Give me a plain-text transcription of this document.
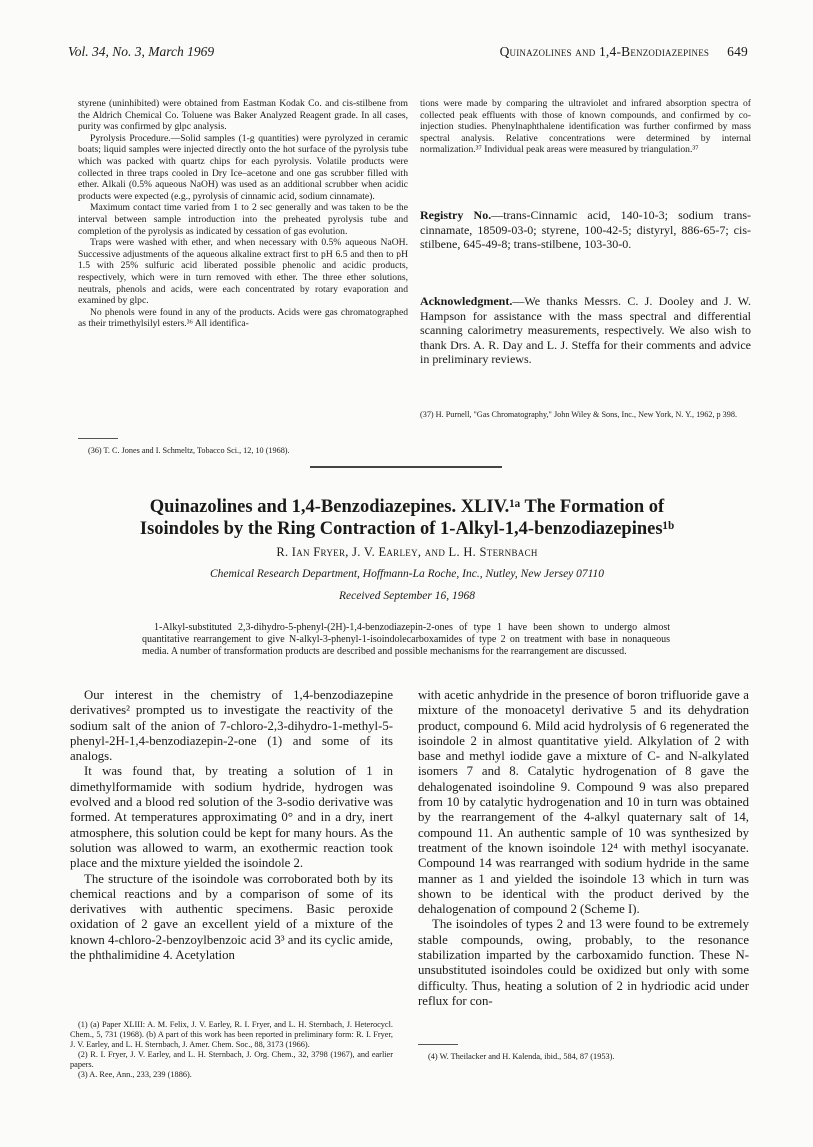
Vol. 34, No. 3, March 1969	Quinazolines and 1,4-Benzodiazepines 649

styrene (uninhibited) were obtained from Eastman Kodak Co. and cis-stilbene from the Aldrich Chemical Co. Toluene was Baker Analyzed Reagent grade. In all cases, purity was confirmed by glpc analysis.

Pyrolysis Procedure.—Solid samples (1-g quantities) were pyrolyzed in ceramic boats; liquid samples were injected directly onto the hot surface of the pyrolysis tube which was packed with quartz chips for each pyrolysis. Volatile products were collected in three traps cooled in Dry Ice–acetone and one gas scrubber filled with ether. Alkali (0.5% aqueous NaOH) was used as an additional scrubber when acidic products were expected (e.g., pyrolysis of cinnamic acid, sodium cinnamate).

Maximum contact time varied from 1 to 2 sec generally and was taken to be the interval between sample introduction into the preheated pyrolysis tube and completion of the pyrolysis as indicated by cessation of gas evolution.

Traps were washed with ether, and when necessary with 0.5% aqueous NaOH. Successive adjustments of the aqueous alkaline extract first to pH 6.5 and then to pH 1.5 with 25% sulfuric acid liberated possible phenolic and acidic products, respectively, which were in turn removed with ether. The three ether solutions, neutrals, phenols and acids, were each concentrated by rotary evaporation and examined by glpc.

No phenols were found in any of the products. Acids were gas chromatographed as their trimethylsilyl esters.³⁶ All identifica-

(36) T. C. Jones and I. Schmeltz, Tobacco Sci., 12, 10 (1968).

tions were made by comparing the ultraviolet and infrared absorption spectra of collected peak effluents with those of known compounds, and confirmed by co-injection studies. Phenylnaphthalene identification was further confirmed by mass spectral analysis. Relative concentrations were determined by internal normalization.³⁷ Individual peak areas were measured by triangulation.³⁷

Registry No.—trans-Cinnamic acid, 140-10-3; sodium trans-cinnamate, 18509-03-0; styrene, 100-42-5; distyryl, 886-65-7; cis-stilbene, 645-49-8; trans-stilbene, 103-30-0.

Acknowledgment.—We thanks Messrs. C. J. Dooley and J. W. Hampson for assistance with the mass spectral and differential scanning calorimetry measurements, respectively. We also wish to thank Drs. A. R. Day and L. J. Steffa for their comments and advice in preliminary reviews.

(37) H. Purnell, "Gas Chromatography," John Wiley & Sons, Inc., New York, N. Y., 1962, p 398.
Quinazolines and 1,4-Benzodiazepines. XLIV.¹ᵃ The Formation of
Isoindoles by the Ring Contraction of 1-Alkyl-1,4-benzodiazepines¹ᵇ
R. Ian Fryer, J. V. Earley, and L. H. Sternbach
Chemical Research Department, Hoffmann-La Roche, Inc., Nutley, New Jersey 07110
Received September 16, 1968
1-Alkyl-substituted 2,3-dihydro-5-phenyl-(2H)-1,4-benzodiazepin-2-ones of type 1 have been shown to undergo almost quantitative rearrangement to give N-alkyl-3-phenyl-1-isoindolecarboxamides of type 2 on treatment with base in nonaqueous media. A number of transformation products are described and possible mechanisms for the rearrangement are discussed.

Our interest in the chemistry of 1,4-benzodiazepine derivatives² prompted us to investigate the reactivity of the sodium salt of the anion of 7-chloro-2,3-dihydro-1-methyl-5-phenyl-2H-1,4-benzodiazepin-2-one (1) and some of its analogs.

It was found that, by treating a solution of 1 in dimethylformamide with sodium hydride, hydrogen was evolved and a blood red solution of the 3-sodio derivative was formed. At temperatures approximating 0° and in a dry, inert atmosphere, this solution could be kept for many hours. As the solution was allowed to warm, an exothermic reaction took place and the mixture yielded the isoindole 2.

The structure of the isoindole was corroborated both by its chemical reactions and by a comparison of some of its derivatives with authentic specimens. Basic peroxide oxidation of 2 gave an excellent yield of a mixture of the known 4-chloro-2-benzoylbenzoic acid 3³ and its cyclic amide, the phthalimidine 4. Acetylation

(1) (a) Paper XLIII: A. M. Felix, J. V. Earley, R. I. Fryer, and L. H. Sternbach, J. Heterocycl. Chem., 5, 731 (1968). (b) A part of this work has been reported in preliminary form: R. I. Fryer, J. V. Earley, and L. H. Sternbach, J. Amer. Chem. Soc., 88, 3173 (1966).

(2) R. I. Fryer, J. V. Earley, and L. H. Sternbach, J. Org. Chem., 32, 3798 (1967), and earlier papers.

(3) A. Ree, Ann., 233, 239 (1886).

with acetic anhydride in the presence of boron trifluoride gave a mixture of the monoacetyl derivative 5 and its dehydration product, compound 6. Mild acid hydrolysis of 6 regenerated the isoindole 2 in almost quantitative yield. Alkylation of 2 with base and methyl iodide gave a mixture of C- and N-alkylated isomers 7 and 8. Catalytic hydrogenation of 8 gave the dehalogenated isoindoline 9. Compound 9 was also prepared from 10 by catalytic hydrogenation and 10 in turn was obtained by the rearrangement of the 4-alkyl quaternary salt of 14, compound 11. An authentic sample of 10 was synthesized by treatment of the known isoindole 12⁴ with methyl isocyanate. Compound 14 was rearranged with sodium hydride in the same manner as 1 and yielded the isoindole 13 which in turn was shown to be identical with the product derived by the dehalogenation of compound 2 (Scheme I).

The isoindoles of types 2 and 13 were found to be extremely stable compounds, owing, probably, to the resonance stabilization imparted by the carboxamido function. These N-unsubstituted isoindoles could be oxidized but only with some difficulty. Thus, heating a solution of 2 in hydriodic acid under reflux for con-

(4) W. Theilacker and H. Kalenda, ibid., 584, 87 (1953).
